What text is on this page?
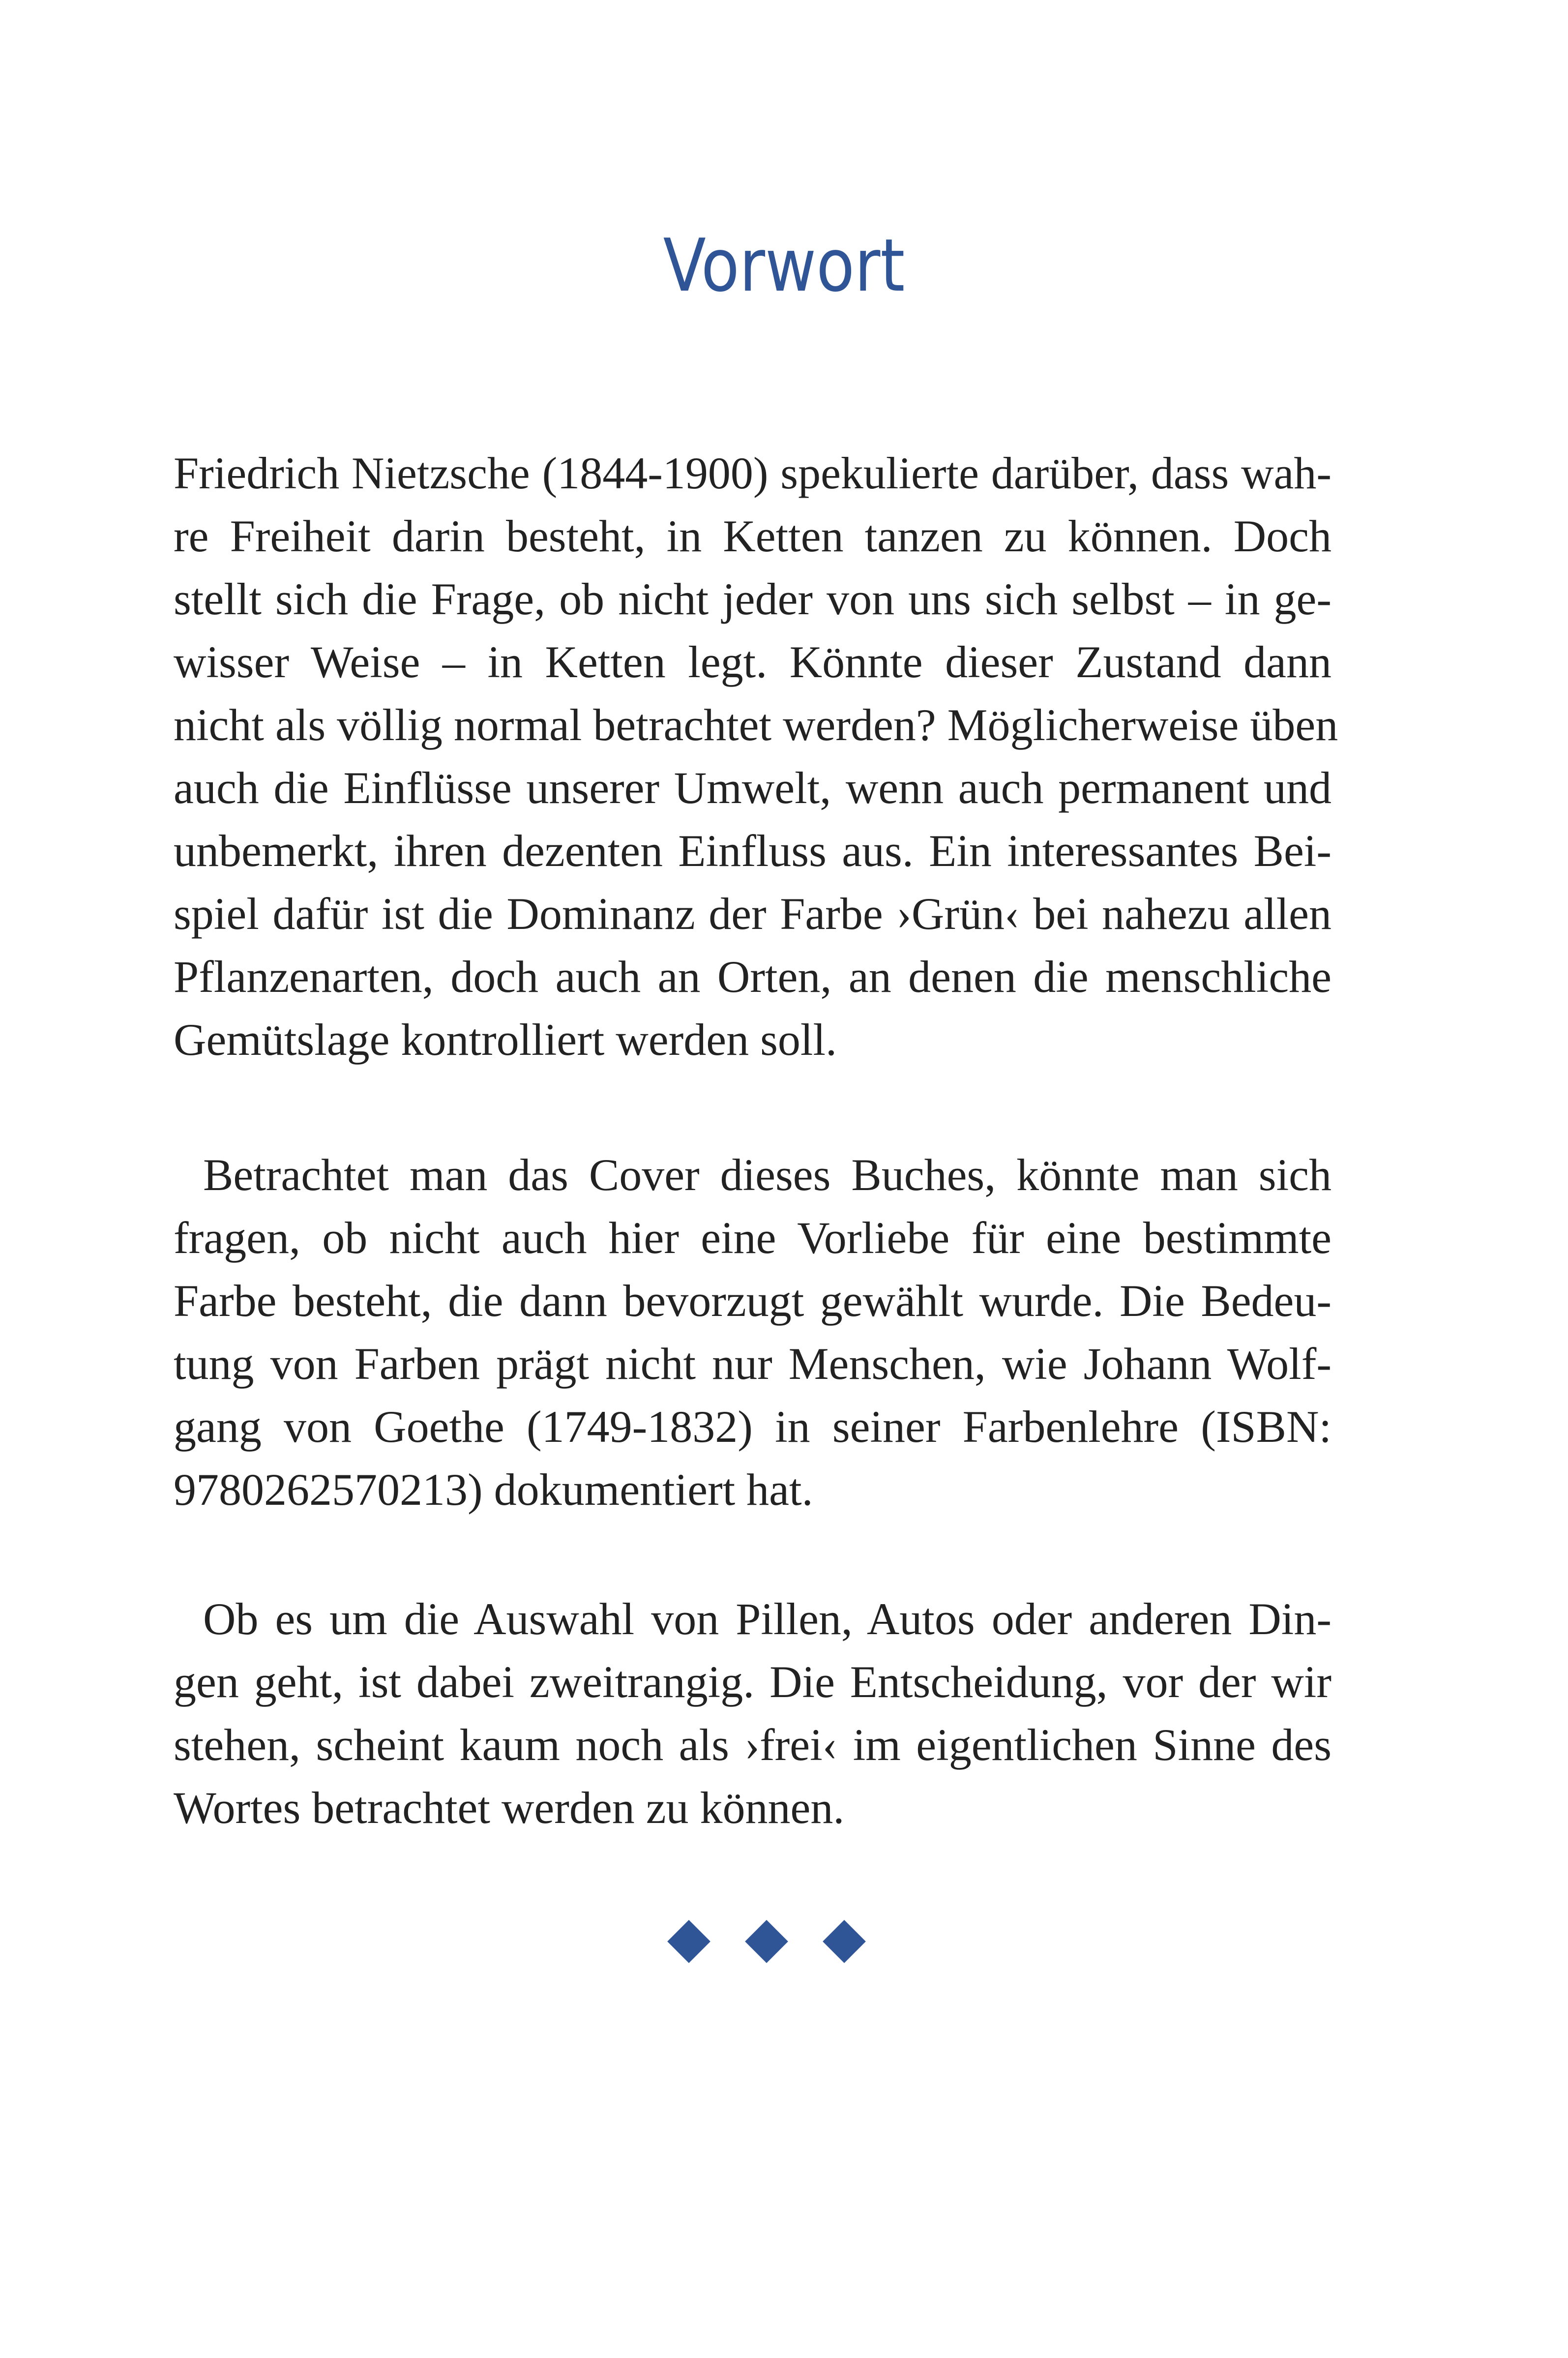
Vorwort
Friedrich Nietzsche (1844-1900) spekulierte darüber, dass wah-
re Freiheit darin besteht, in Ketten tanzen zu können. Doch
stellt sich die Frage, ob nicht jeder von uns sich selbst – in ge-
wisser Weise – in Ketten legt. Könnte dieser Zustand dann
nicht als völlig normal betrachtet werden? Möglicherweise üben
auch die Einflüsse unserer Umwelt, wenn auch permanent und
unbemerkt, ihren dezenten Einfluss aus. Ein interessantes Bei-
spiel dafür ist die Dominanz der Farbe ›Grün‹ bei nahezu allen
Pflanzenarten, doch auch an Orten, an denen die menschliche
Gemütslage kontrolliert werden soll.
Betrachtet man das Cover dieses Buches, könnte man sich
fragen, ob nicht auch hier eine Vorliebe für eine bestimmte
Farbe besteht, die dann bevorzugt gewählt wurde. Die Bedeu-
tung von Farben prägt nicht nur Menschen, wie Johann Wolf-
gang von Goethe (1749-1832) in seiner Farbenlehre (ISBN:
9780262570213) dokumentiert hat.
Ob es um die Auswahl von Pillen, Autos oder anderen Din-
gen geht, ist dabei zweitrangig. Die Entscheidung, vor der wir
stehen, scheint kaum noch als ›frei‹ im eigentlichen Sinne des
Wortes betrachtet werden zu können.
